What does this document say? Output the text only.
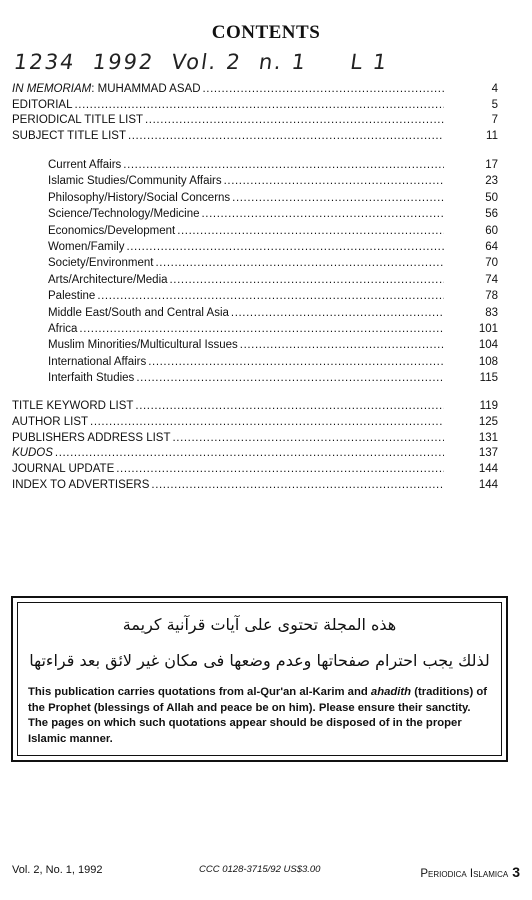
CONTENTS
1234  1992  Vol. 2  n. 1     L 1
IN MEMORIAM: MUHAMMAD ASAD .....	4
EDITORIAL .....	5
PERIODICAL TITLE LIST .....	7
SUBJECT TITLE LIST .....	11
Current Affairs .....	17
Islamic Studies/Community Affairs .....	23
Philosophy/History/Social Concerns .....	50
Science/Technology/Medicine .....	56
Economics/Development .....	60
Women/Family .....	64
Society/Environment .....	70
Arts/Architecture/Media .....	74
Palestine .....	78
Middle East/South and Central Asia .....	83
Africa .....	101
Muslim Minorities/Multicultural Issues .....	104
International Affairs .....	108
Interfaith Studies .....	115
TITLE KEYWORD LIST .....	119
AUTHOR LIST .....	125
PUBLISHERS ADDRESS LIST .....	131
KUDOS .....	137
JOURNAL UPDATE .....	144
INDEX TO ADVERTISERS .....	144
هذه المجلة تحتوى على آيات قرآنية كريمة
لذلك يجب احترام صفحاتها وعدم وضعها فى مكان غير لائق بعد قراءتها
This publication carries quotations from al-Qur'an al-Karim and ahadith (traditions) of the Prophet (blessings of Allah and peace be on him). Please ensure their sanctity. The pages on which such quotations appear should be disposed of in the proper Islamic manner.
Vol. 2, No. 1, 1992	CCC 0128-3715/92 US$3.00	Periodica Islamica 3
